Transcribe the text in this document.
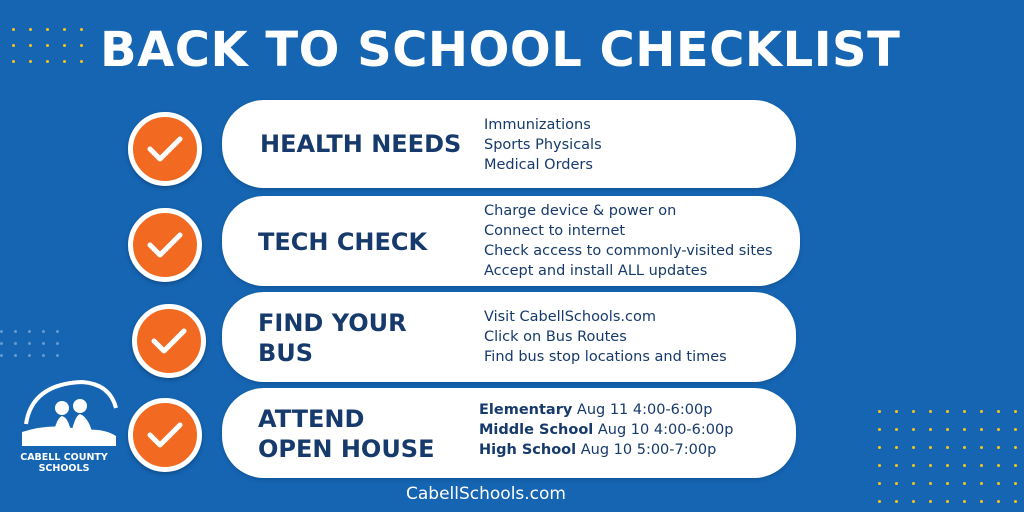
BACK TO SCHOOL CHECKLIST
HEALTH NEEDS
Immunizations
Sports Physicals
Medical Orders
TECH CHECK
Charge device & power on
Connect to internet
Check access to commonly-visited sites
Accept and install ALL updates
FIND YOUR
BUS
Visit CabellSchools.com
Click on Bus Routes
Find bus stop locations and times
ATTEND
OPEN HOUSE
Elementary Aug 11 4:00-6:00p
Middle School Aug 10 4:00-6:00p
High School Aug 10 5:00-7:00p
CABELL COUNTY
SCHOOLS
CabellSchools.com
